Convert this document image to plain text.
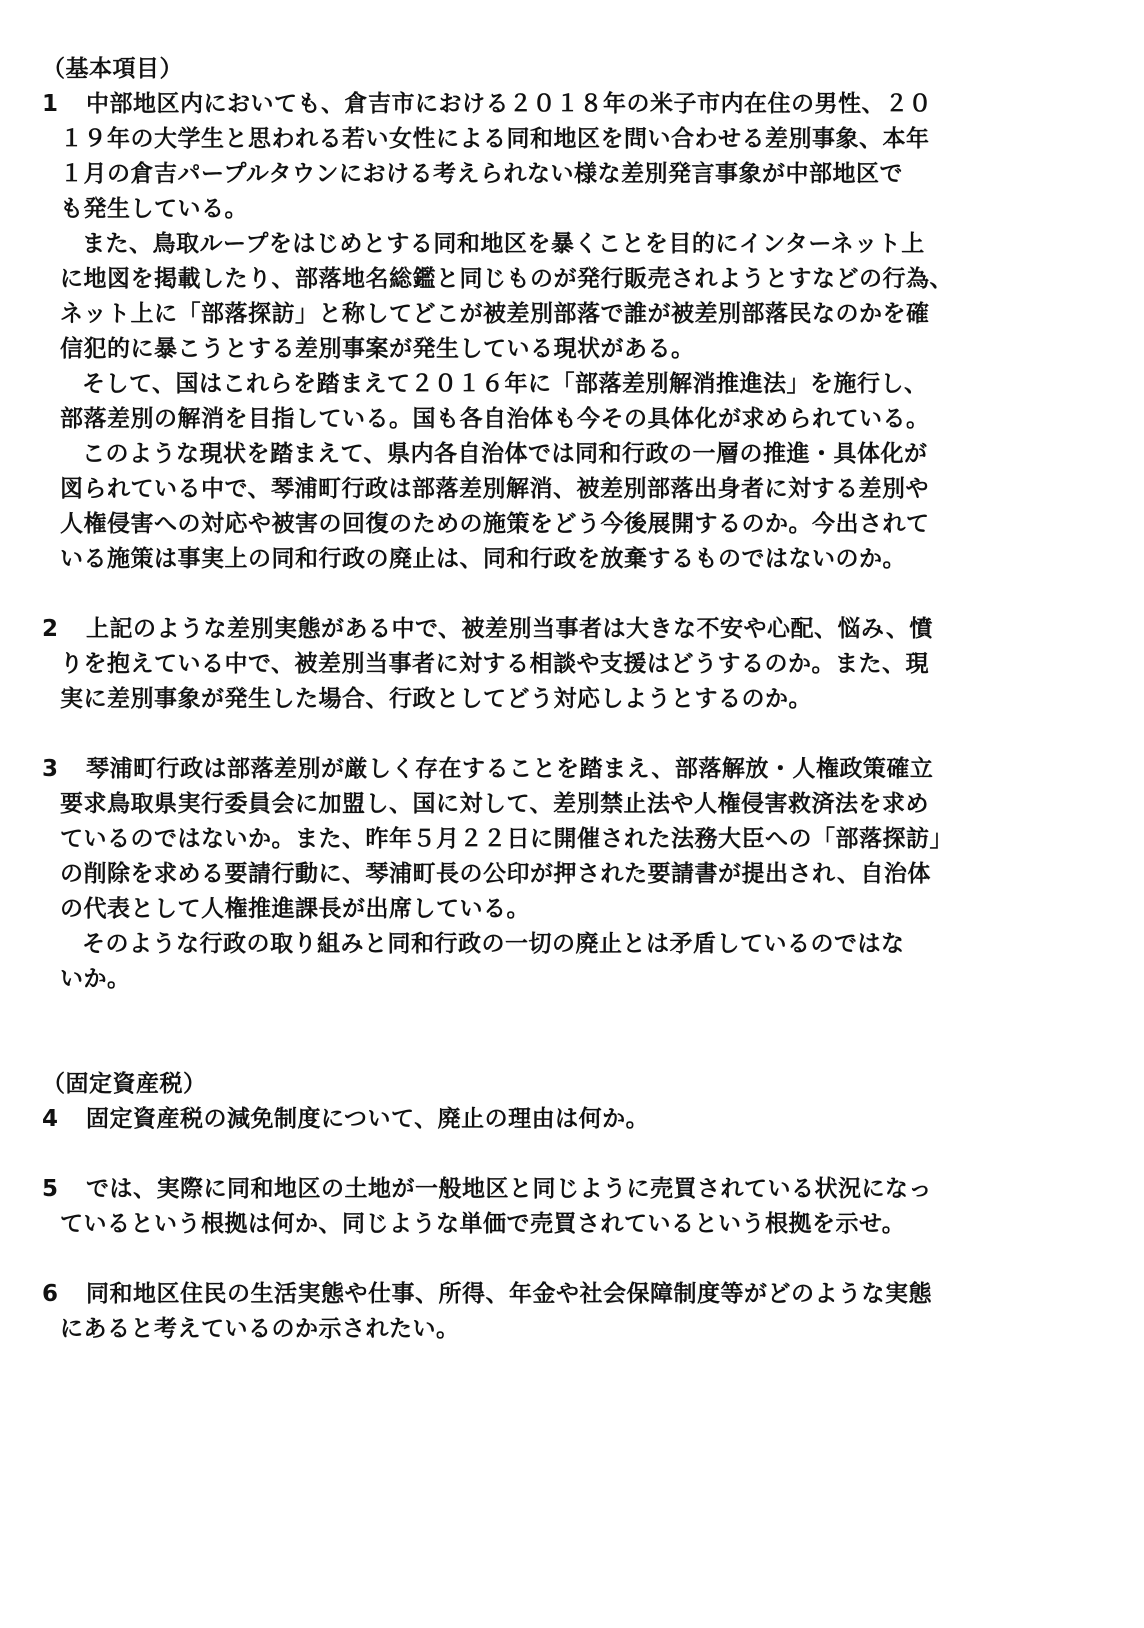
（基本項目）

1 中部地区内においても、倉吉市における２０１８年の米子市内在住の男性、２０

１９年の大学生と思われる若い女性による同和地区を問い合わせる差別事象、本年

１月の倉吉パープルタウンにおける考えられない様な差別発言事象が中部地区で

も発生している。

また、鳥取ループをはじめとする同和地区を暴くことを目的にインターネット上

に地図を掲載したり、部落地名総鑑と同じものが発行販売されようとすなどの行為、

ネット上に「部落探訪」と称してどこが被差別部落で誰が被差別部落民なのかを確

信犯的に暴こうとする差別事案が発生している現状がある。

そして、国はこれらを踏まえて２０１６年に「部落差別解消推進法」を施行し、

部落差別の解消を目指している。国も各自治体も今その具体化が求められている。

このような現状を踏まえて、県内各自治体では同和行政の一層の推進・具体化が

図られている中で、琴浦町行政は部落差別解消、被差別部落出身者に対する差別や

人権侵害への対応や被害の回復のための施策をどう今後展開するのか。今出されて

いる施策は事実上の同和行政の廃止は、同和行政を放棄するものではないのか。

2 上記のような差別実態がある中で、被差別当事者は大きな不安や心配、悩み、憤

りを抱えている中で、被差別当事者に対する相談や支援はどうするのか。また、現

実に差別事象が発生した場合、行政としてどう対応しようとするのか。

3 琴浦町行政は部落差別が厳しく存在することを踏まえ、部落解放・人権政策確立

要求鳥取県実行委員会に加盟し、国に対して、差別禁止法や人権侵害救済法を求め

ているのではないか。また、昨年５月２２日に開催された法務大臣への「部落探訪」

の削除を求める要請行動に、琴浦町長の公印が押された要請書が提出され、自治体

の代表として人権推進課長が出席している。

そのような行政の取り組みと同和行政の一切の廃止とは矛盾しているのではな

いか。

（固定資産税）

4 固定資産税の減免制度について、廃止の理由は何か。

5 では、実際に同和地区の土地が一般地区と同じように売買されている状況になっ

ているという根拠は何か、同じような単価で売買されているという根拠を示せ。

6 同和地区住民の生活実態や仕事、所得、年金や社会保障制度等がどのような実態

にあると考えているのか示されたい。
